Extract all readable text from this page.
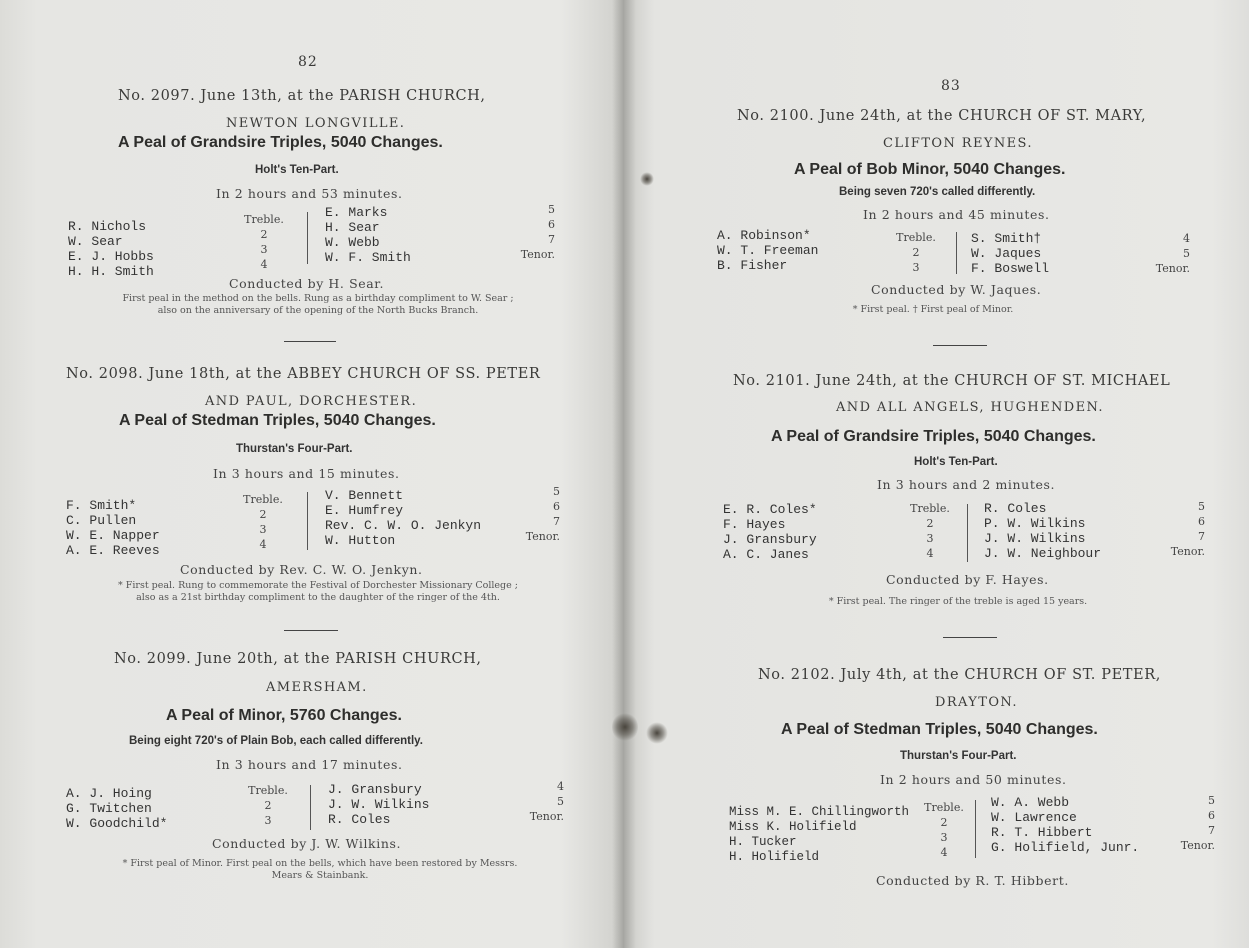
82
No. 2097. June 13th, at the PARISH CHURCH,
NEWTON LONGVILLE.
A Peal of Grandsire Triples, 5040 Changes.
Holt's Ten-Part.
In 2 hours and 53 minutes.
R. Nichols
W. Sear
E. J. Hobbs
H. H. Smith
Treble.
2
3
4
E. Marks
H. Sear
W. Webb
W. F. Smith
5
6
7
Tenor.
Conducted by H. Sear.
First peal in the method on the bells. Rung as a birthday compliment to W. Sear ;
also on the anniversary of the opening of the North Bucks Branch.
No. 2098. June 18th, at the ABBEY CHURCH OF SS. PETER
AND PAUL, DORCHESTER.
A Peal of Stedman Triples, 5040 Changes.
Thurstan's Four-Part.
In 3 hours and 15 minutes.
F. Smith*
C. Pullen
W. E. Napper
A. E. Reeves
Treble.
2
3
4
V. Bennett
E. Humfrey
Rev. C. W. O. Jenkyn
W. Hutton
5
6
7
Tenor.
Conducted by Rev. C. W. O. Jenkyn.
* First peal. Rung to commemorate the Festival of Dorchester Missionary College ;
also as a 21st birthday compliment to the daughter of the ringer of the 4th.
No. 2099. June 20th, at the PARISH CHURCH,
AMERSHAM.
A Peal of Minor, 5760 Changes.
Being eight 720's of Plain Bob, each called differently.
In 3 hours and 17 minutes.
A. J. Hoing
G. Twitchen
W. Goodchild*
Treble.
2
3
J. Gransbury
J. W. Wilkins
R. Coles
4
5
Tenor.
Conducted by J. W. Wilkins.
* First peal of Minor. First peal on the bells, which have been restored by Messrs.
Mears & Stainbank.
83
No. 2100. June 24th, at the CHURCH OF ST. MARY,
CLIFTON REYNES.
A Peal of Bob Minor, 5040 Changes.
Being seven 720's called differently.
In 2 hours and 45 minutes.
A. Robinson*
W. T. Freeman
B. Fisher
Treble.
2
3
S. Smith†
W. Jaques
F. Boswell
4
5
Tenor.
Conducted by W. Jaques.
* First peal. † First peal of Minor.
No. 2101. June 24th, at the CHURCH OF ST. MICHAEL
AND ALL ANGELS, HUGHENDEN.
A Peal of Grandsire Triples, 5040 Changes.
Holt's Ten-Part.
In 3 hours and 2 minutes.
E. R. Coles*
F. Hayes
J. Gransbury
A. C. Janes
Treble.
2
3
4
R. Coles
P. W. Wilkins
J. W. Wilkins
J. W. Neighbour
5
6
7
Tenor.
Conducted by F. Hayes.
* First peal. The ringer of the treble is aged 15 years.
No. 2102. July 4th, at the CHURCH OF ST. PETER,
DRAYTON.
A Peal of Stedman Triples, 5040 Changes.
Thurstan's Four-Part.
In 2 hours and 50 minutes.
Miss M. E. Chillingworth
Miss K. Holifield
H. Tucker
H. Holifield
Treble.
2
3
4
W. A. Webb
W. Lawrence
R. T. Hibbert
G. Holifield, Junr.
5
6
7
Tenor.
Conducted by R. T. Hibbert.
